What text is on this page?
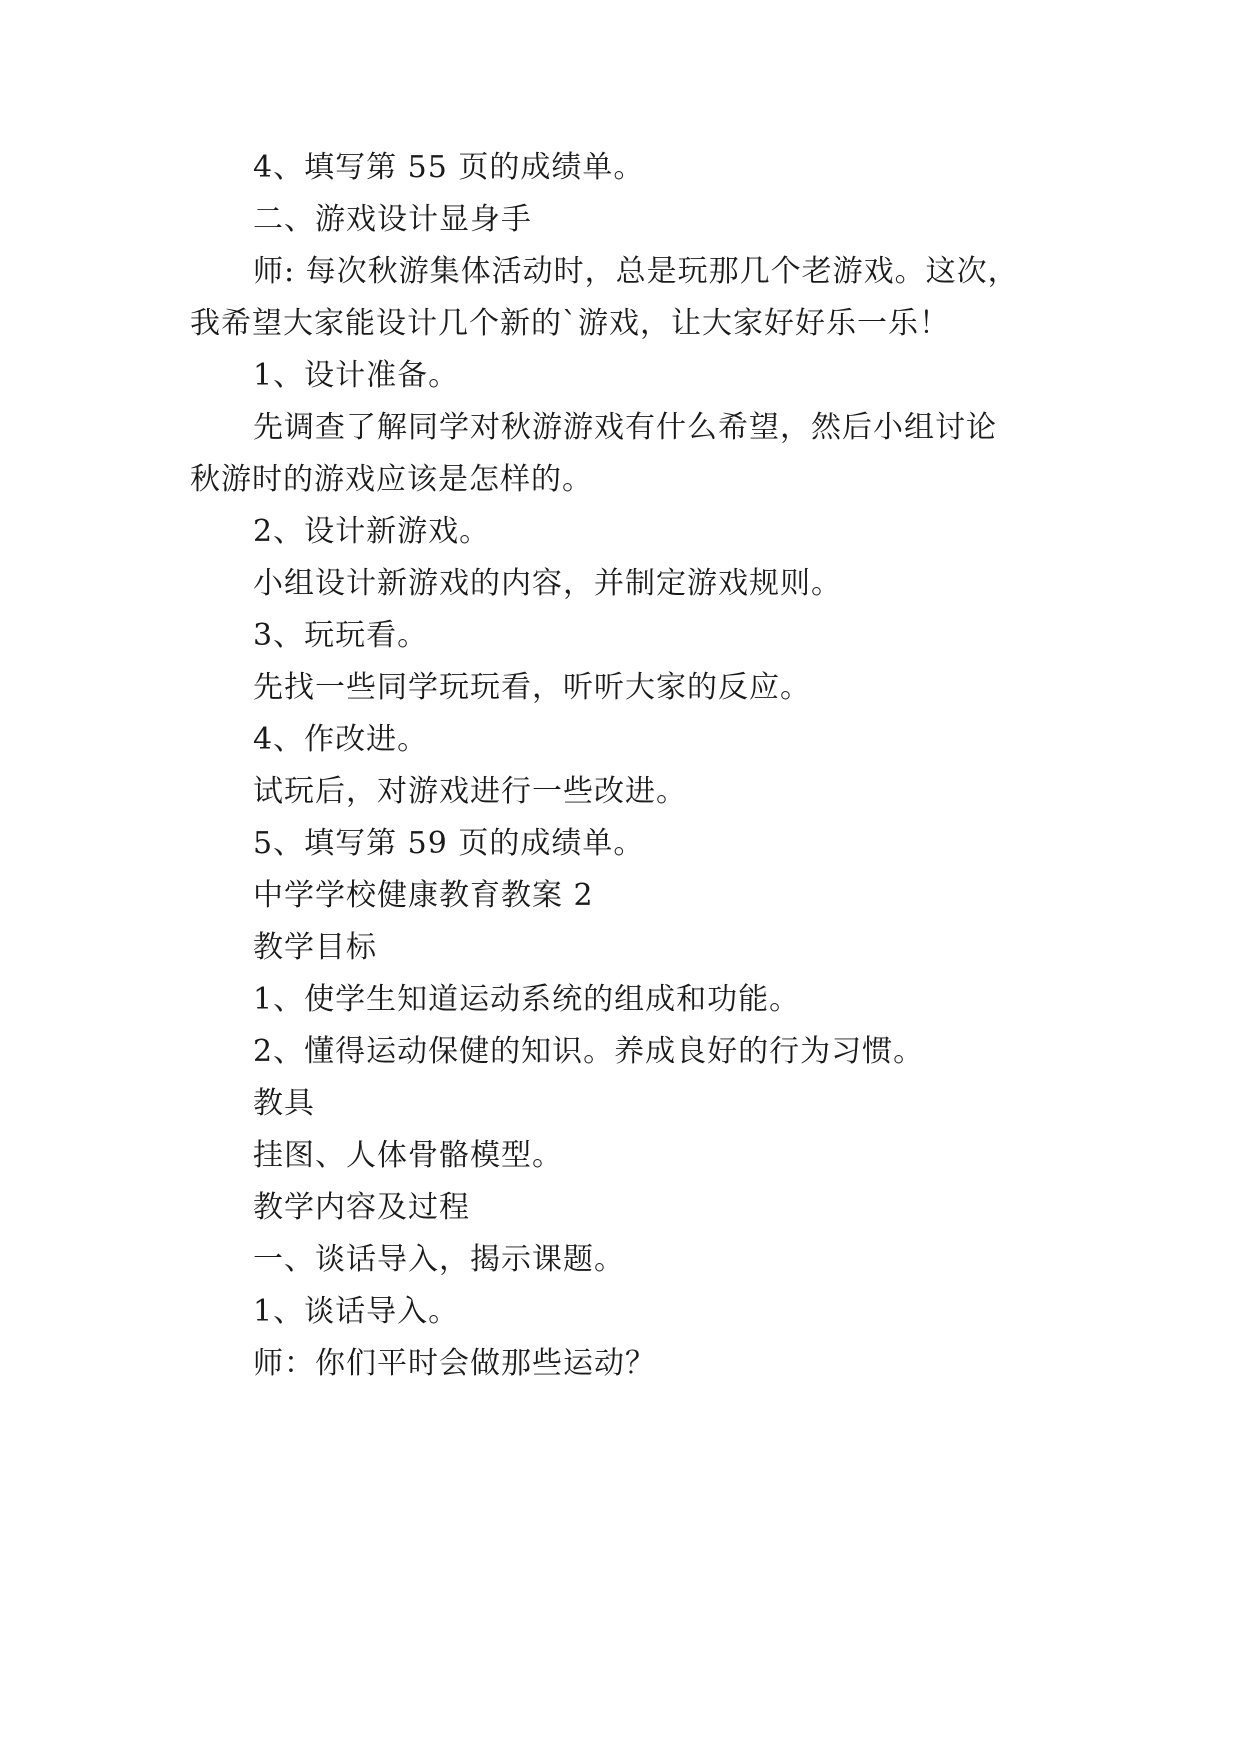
4、填写第 55 页的成绩单。

二、游戏设计显身手

师: 每次秋游集体活动时，总是玩那几个老游戏。这次，

我希望大家能设计几个新的`游戏，让大家好好乐一乐！

1、设计准备。

先调查了解同学对秋游游戏有什么希望，然后小组讨论

秋游时的游戏应该是怎样的。

2、设计新游戏。

小组设计新游戏的内容，并制定游戏规则。

3、玩玩看。

先找一些同学玩玩看，听听大家的反应。

4、作改进。

试玩后，对游戏进行一些改进。

5、填写第 59 页的成绩单。

中学学校健康教育教案 2

教学目标

1、使学生知道运动系统的组成和功能。

2、懂得运动保健的知识。养成良好的行为习惯。

教具

挂图、人体骨骼模型。

教学内容及过程

一、谈话导入，揭示课题。

1、谈话导入。

师：你们平时会做那些运动？
